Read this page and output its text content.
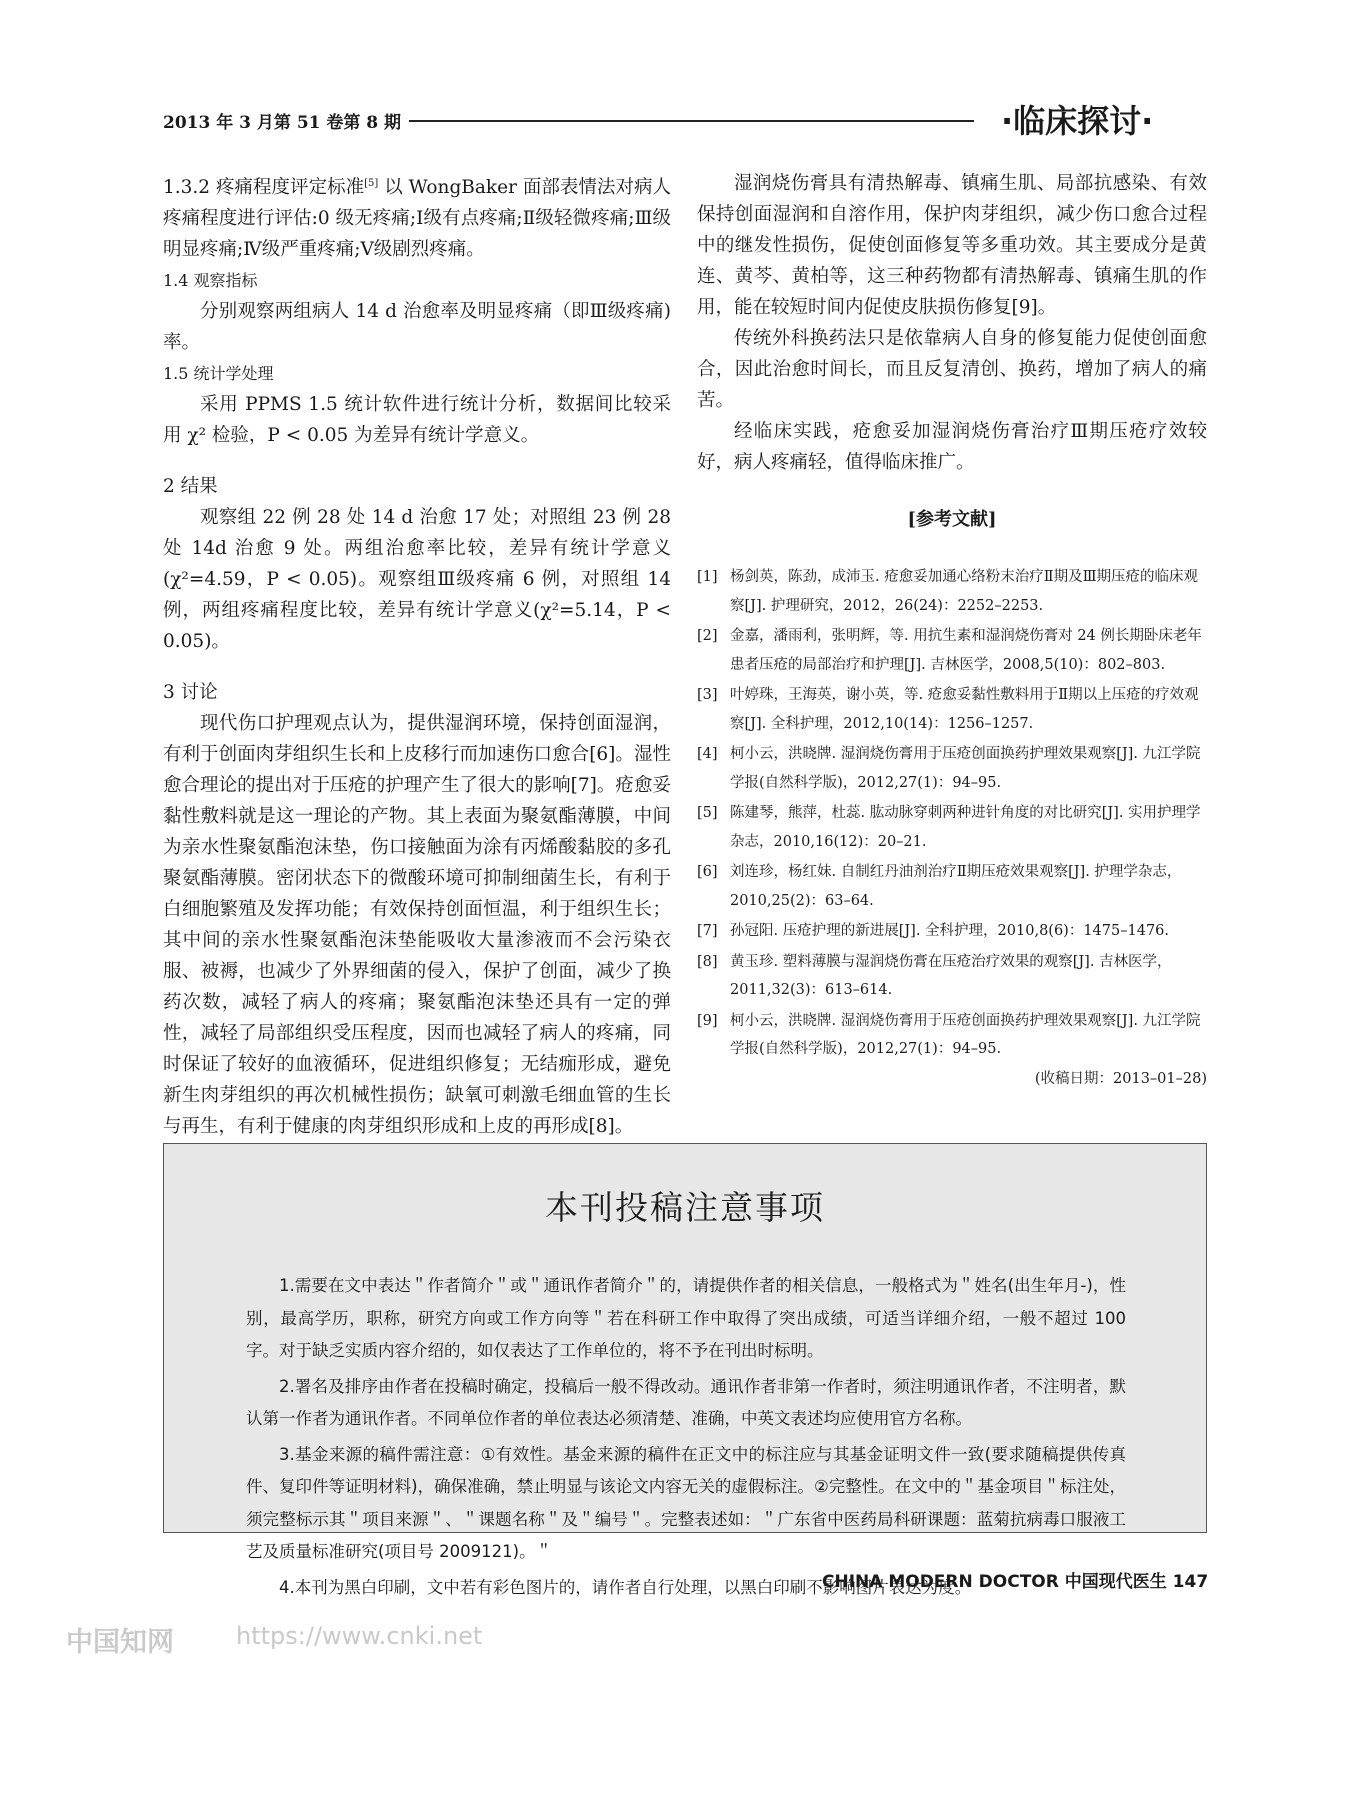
2013 年 3 月第 51 卷第 8 期	·临床探讨·

1.3.2 疼痛程度评定标准[5] 以 WongBaker 面部表情法对病人疼痛程度进行评估:0 级无疼痛;Ⅰ级有点疼痛;Ⅱ级轻微疼痛;Ⅲ级明显疼痛;Ⅳ级严重疼痛;Ⅴ级剧烈疼痛。

1.4 观察指标

分别观察两组病人 14 d 治愈率及明显疼痛（即Ⅲ级疼痛)率。

1.5 统计学处理

采用 PPMS 1.5 统计软件进行统计分析，数据间比较采用 χ² 检验，P < 0.05 为差异有统计学意义。

2 结果

观察组 22 例 28 处 14 d 治愈 17 处；对照组 23 例 28 处 14d 治愈 9 处。两组治愈率比较，差异有统计学意义(χ²=4.59，P < 0.05)。观察组Ⅲ级疼痛 6 例，对照组 14例，两组疼痛程度比较，差异有统计学意义(χ²=5.14，P < 0.05)。

3 讨论

现代伤口护理观点认为，提供湿润环境，保持创面湿润，有利于创面肉芽组织生长和上皮移行而加速伤口愈合[6]。湿性愈合理论的提出对于压疮的护理产生了很大的影响[7]。疮愈妥黏性敷料就是这一理论的产物。其上表面为聚氨酯薄膜，中间为亲水性聚氨酯泡沫垫，伤口接触面为涂有丙烯酸黏胶的多孔聚氨酯薄膜。密闭状态下的微酸环境可抑制细菌生长，有利于白细胞繁殖及发挥功能；有效保持创面恒温，利于组织生长；其中间的亲水性聚氨酯泡沫垫能吸收大量渗液而不会污染衣服、被褥，也减少了外界细菌的侵入，保护了创面，减少了换药次数，减轻了病人的疼痛；聚氨酯泡沫垫还具有一定的弹性，减轻了局部组织受压程度，因而也减轻了病人的疼痛，同时保证了较好的血液循环，促进组织修复；无结痂形成，避免新生肉芽组织的再次机械性损伤；缺氧可刺激毛细血管的生长与再生，有利于健康的肉芽组织形成和上皮的再形成[8]。

湿润烧伤膏具有清热解毒、镇痛生肌、局部抗感染、有效保持创面湿润和自溶作用，保护肉芽组织，减少伤口愈合过程中的继发性损伤，促使创面修复等多重功效。其主要成分是黄连、黄芩、黄柏等，这三种药物都有清热解毒、镇痛生肌的作用，能在较短时间内促使皮肤损伤修复[9]。

传统外科换药法只是依靠病人自身的修复能力促使创面愈合，因此治愈时间长，而且反复清创、换药，增加了病人的痛苦。

经临床实践，疮愈妥加湿润烧伤膏治疗Ⅲ期压疮疗效较好，病人疼痛轻，值得临床推广。

[参考文献]

[1] 杨剑英，陈劲，成沛玉. 疮愈妥加通心络粉末治疗Ⅱ期及Ⅲ期压疮的临床观察[J]. 护理研究，2012，26(24)：2252–2253.

[2] 金嘉，潘雨利，张明辉，等. 用抗生素和湿润烧伤膏对 24 例长期卧床老年患者压疮的局部治疗和护理[J]. 吉林医学，2008,5(10)：802–803.

[3] 叶婷珠，王海英，谢小英，等. 疮愈妥黏性敷料用于Ⅱ期以上压疮的疗效观察[J]. 全科护理，2012,10(14)：1256–1257.

[4] 柯小云，洪晓牌. 湿润烧伤膏用于压疮创面换药护理效果观察[J]. 九江学院学报(自然科学版)，2012,27(1)：94–95.

[5] 陈建琴，熊萍，杜蕊. 肱动脉穿刺两种进针角度的对比研究[J]. 实用护理学杂志，2010,16(12)：20–21.

[6] 刘连珍，杨红妹. 自制红丹油剂治疗Ⅱ期压疮效果观察[J]. 护理学杂志，2010,25(2)：63–64.

[7] 孙冠阳. 压疮护理的新进展[J]. 全科护理，2010,8(6)：1475–1476.

[8] 黄玉珍. 塑料薄膜与湿润烧伤膏在压疮治疗效果的观察[J]. 吉林医学，2011,32(3)：613–614.

[9] 柯小云，洪晓牌. 湿润烧伤膏用于压疮创面换药护理效果观察[J]. 九江学院学报(自然科学版)，2012,27(1)：94–95.

(收稿日期：2013–01–28)

本刊投稿注意事项

1.需要在文中表达＂作者简介＂或＂通讯作者简介＂的，请提供作者的相关信息，一般格式为＂姓名(出生年月-)，性别，最高学历，职称，研究方向或工作方向等＂若在科研工作中取得了突出成绩，可适当详细介绍，一般不超过 100 字。对于缺乏实质内容介绍的，如仅表达了工作单位的，将不予在刊出时标明。

2.署名及排序由作者在投稿时确定，投稿后一般不得改动。通讯作者非第一作者时，须注明通讯作者，不注明者，默认第一作者为通讯作者。不同单位作者的单位表达必须清楚、准确，中英文表述均应使用官方名称。

3.基金来源的稿件需注意：①有效性。基金来源的稿件在正文中的标注应与其基金证明文件一致(要求随稿提供传真件、复印件等证明材料)，确保准确，禁止明显与该论文内容无关的虚假标注。②完整性。在文中的＂基金项目＂标注处，须完整标示其＂项目来源＂、＂课题名称＂及＂编号＂。完整表述如：＂广东省中医药局科研课题：蓝菊抗病毒口服液工艺及质量标准研究(项目号 2009121)。＂

4.本刊为黑白印刷，文中若有彩色图片的，请作者自行处理，以黑白印刷不影响图片表达为度。

CHINA MODERN DOCTOR 中国现代医生 147
中国知网	https://www.cnki.net
